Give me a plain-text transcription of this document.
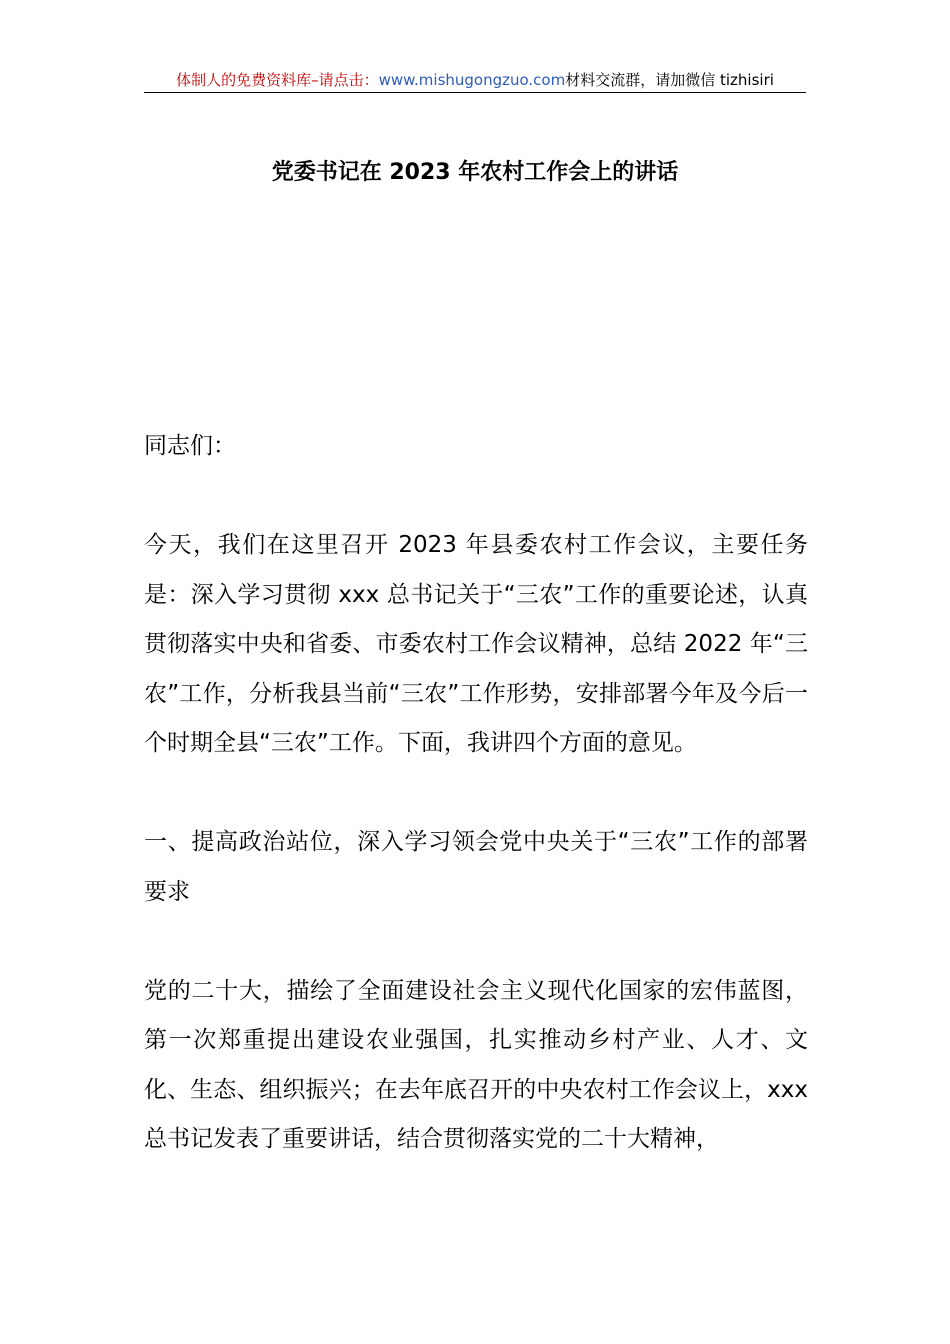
体制人的免费资料库–请点击：www.mishugongzuo.com材料交流群，请加微信 tizhisiri
党委书记在 2023 年农村工作会上的讲话

同志们：

今天，我们在这里召开 2023 年县委农村工作会议，主要任务是：深入学习贯彻 xxx 总书记关于“三农”工作的重要论述，认真贯彻落实中央和省委、市委农村工作会议精神，总结 2022 年“三农”工作，分析我县当前“三农”工作形势，安排部署今年及今后一个时期全县“三农”工作。下面，我讲四个方面的意见。

一、提高政治站位，深入学习领会党中央关于“三农”工作的部署要求

党的二十大，描绘了全面建设社会主义现代化国家的宏伟蓝图，第一次郑重提出建设农业强国，扎实推动乡村产业、人才、文化、生态、组织振兴；在去年底召开的中央农村工作会议上，xxx 总书记发表了重要讲话，结合贯彻落实党的二十大精神，
